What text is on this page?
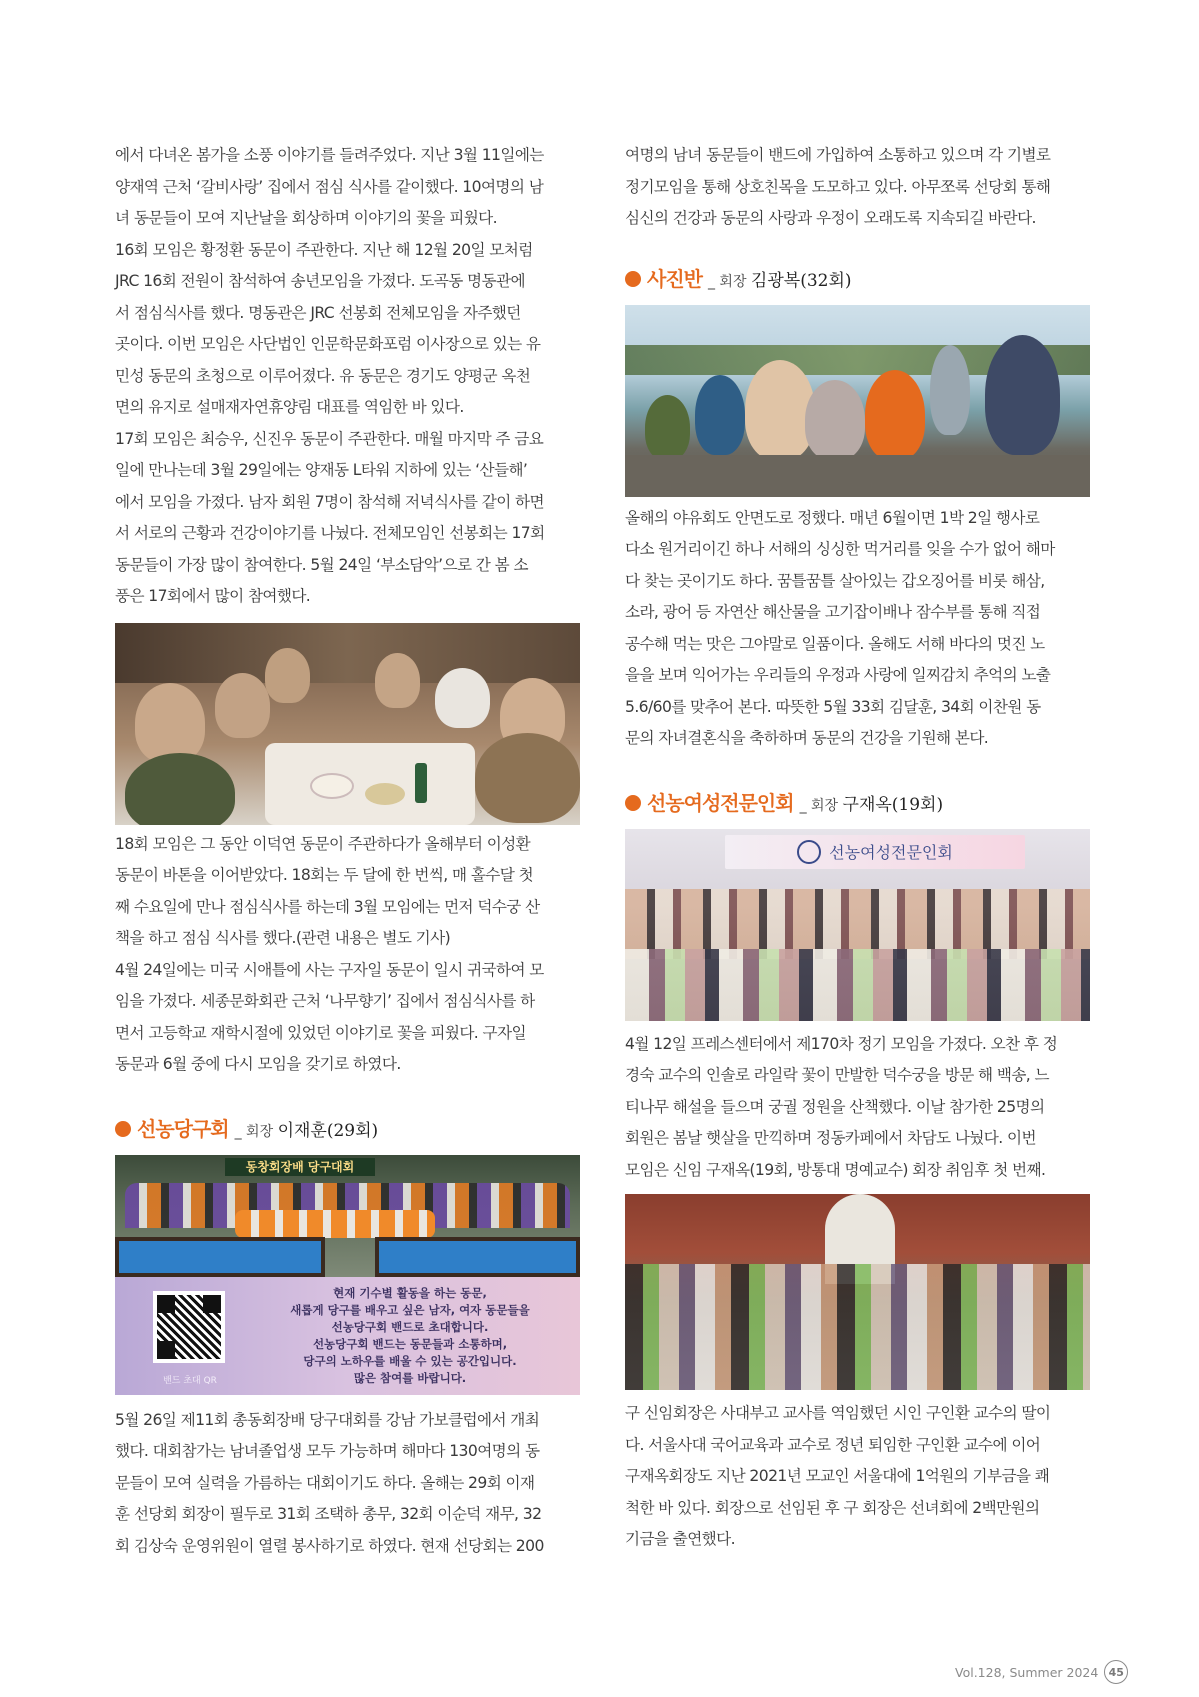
에서 다녀온 봄가을 소풍 이야기를 들려주었다. 지난 3월 11일에는

양재역 근처 ‘갈비사랑’ 집에서 점심 식사를 같이했다. 10여명의 남

녀 동문들이 모여 지난날을 회상하며 이야기의 꽃을 피웠다.

16회 모임은 황정환 동문이 주관한다. 지난 해 12월 20일 모처럼

JRC 16회 전원이 참석하여 송년모임을 가졌다. 도곡동 명동관에

서 점심식사를 했다. 명동관은 JRC 선봉회 전체모임을 자주했던

곳이다. 이번 모임은 사단법인 인문학문화포럼 이사장으로 있는 유

민성 동문의 초청으로 이루어졌다. 유 동문은 경기도 양평군 옥천

면의 유지로 설매재자연휴양림 대표를 역임한 바 있다.

17회 모임은 최승우, 신진우 동문이 주관한다. 매월 마지막 주 금요

일에 만나는데 3월 29일에는 양재동 L타워 지하에 있는 ‘산들해’

에서 모임을 가졌다. 남자 회원 7명이 참석해 저녁식사를 같이 하면

서 서로의 근황과 건강이야기를 나눴다. 전체모임인 선봉회는 17회

동문들이 가장 많이 참여한다. 5월 24일 ‘부소담악’으로 간 봄 소

풍은 17회에서 많이 참여했다.

18회 모임은 그 동안 이덕연 동문이 주관하다가 올해부터 이성환

동문이 바톤을 이어받았다. 18회는 두 달에 한 번씩, 매 홀수달 첫

째 수요일에 만나 점심식사를 하는데 3월 모임에는 먼저 덕수궁 산

책을 하고 점심 식사를 했다.(관련 내용은 별도 기사)

4월 24일에는 미국 시애틀에 사는 구자일 동문이 일시 귀국하여 모

임을 가졌다. 세종문화회관 근처 ‘나무향기’ 집에서 점심식사를 하

면서 고등학교 재학시절에 있었던 이야기로 꽃을 피웠다. 구자일

동문과 6월 중에 다시 모임을 갖기로 하였다.

선농당구회 _ 회장 이재훈(29회)
동창회장배 당구대회
밴드 초대 QR
현재 기수별 활동을 하는 동문,
새롭게 당구를 배우고 싶은 남자, 여자 동문들을
선농당구회 밴드로 초대합니다.
선농당구회 밴드는 동문들과 소통하며,
당구의 노하우를 배울 수 있는 공간입니다.
많은 참여를 바랍니다.

5월 26일 제11회 총동회장배 당구대회를 강남 가보클럽에서 개최

했다. 대회참가는 남녀졸업생 모두 가능하며 해마다 130여명의 동

문들이 모여 실력을 가름하는 대회이기도 하다. 올해는 29회 이재

훈 선당회 회장이 필두로 31회 조택하 총무, 32회 이순덕 재무, 32

회 김상숙 운영위원이 열렬 봉사하기로 하였다. 현재 선당회는 200

여명의 남녀 동문들이 밴드에 가입하여 소통하고 있으며 각 기별로

정기모임을 통해 상호친목을 도모하고 있다. 아무쪼록 선당회 통해

심신의 건강과 동문의 사랑과 우정이 오래도록 지속되길 바란다.

사진반 _ 회장 김광복(32회)

올해의 야유회도 안면도로 정했다. 매년 6월이면 1박 2일 행사로

다소 원거리이긴 하나 서해의 싱싱한 먹거리를 잊을 수가 없어 해마

다 찾는 곳이기도 하다. 꿈틀꿈틀 살아있는 갑오징어를 비롯 해삼,

소라, 광어 등 자연산 해산물을 고기잡이배나 잠수부를 통해 직접

공수해 먹는 맛은 그야말로 일품이다. 올해도 서해 바다의 멋진 노

을을 보며 익어가는 우리들의 우정과 사랑에 일찌감치 추억의 노출

5.6/60를 맞추어 본다. 따뜻한 5월 33회 김달훈, 34회 이찬원 동

문의 자녀결혼식을 축하하며 동문의 건강을 기원해 본다.

선농여성전문인회 _ 회장 구재옥(19회)
선농여성전문인회

4월 12일 프레스센터에서 제170차 정기 모임을 가졌다. 오찬 후 정

경숙 교수의 인솔로 라일락 꽃이 만발한 덕수궁을 방문 해 백송, 느

티나무 해설을 들으며 궁궐 정원을 산책했다. 이날 참가한 25명의

회원은 봄날 햇살을 만끽하며 정동카페에서 차담도 나눴다. 이번

모임은 신임 구재옥(19회, 방통대 명예교수) 회장 취임후 첫 번째.

구 신임회장은 사대부고 교사를 역임했던 시인 구인환 교수의 딸이

다. 서울사대 국어교육과 교수로 정년 퇴임한 구인환 교수에 이어

구재옥회장도 지난 2021년 모교인 서울대에 1억원의 기부금을 쾌

척한 바 있다. 회장으로 선임된 후 구 회장은 선녀회에 2백만원의

기금을 출연했다.

Vol.128, Summer 2024 45
